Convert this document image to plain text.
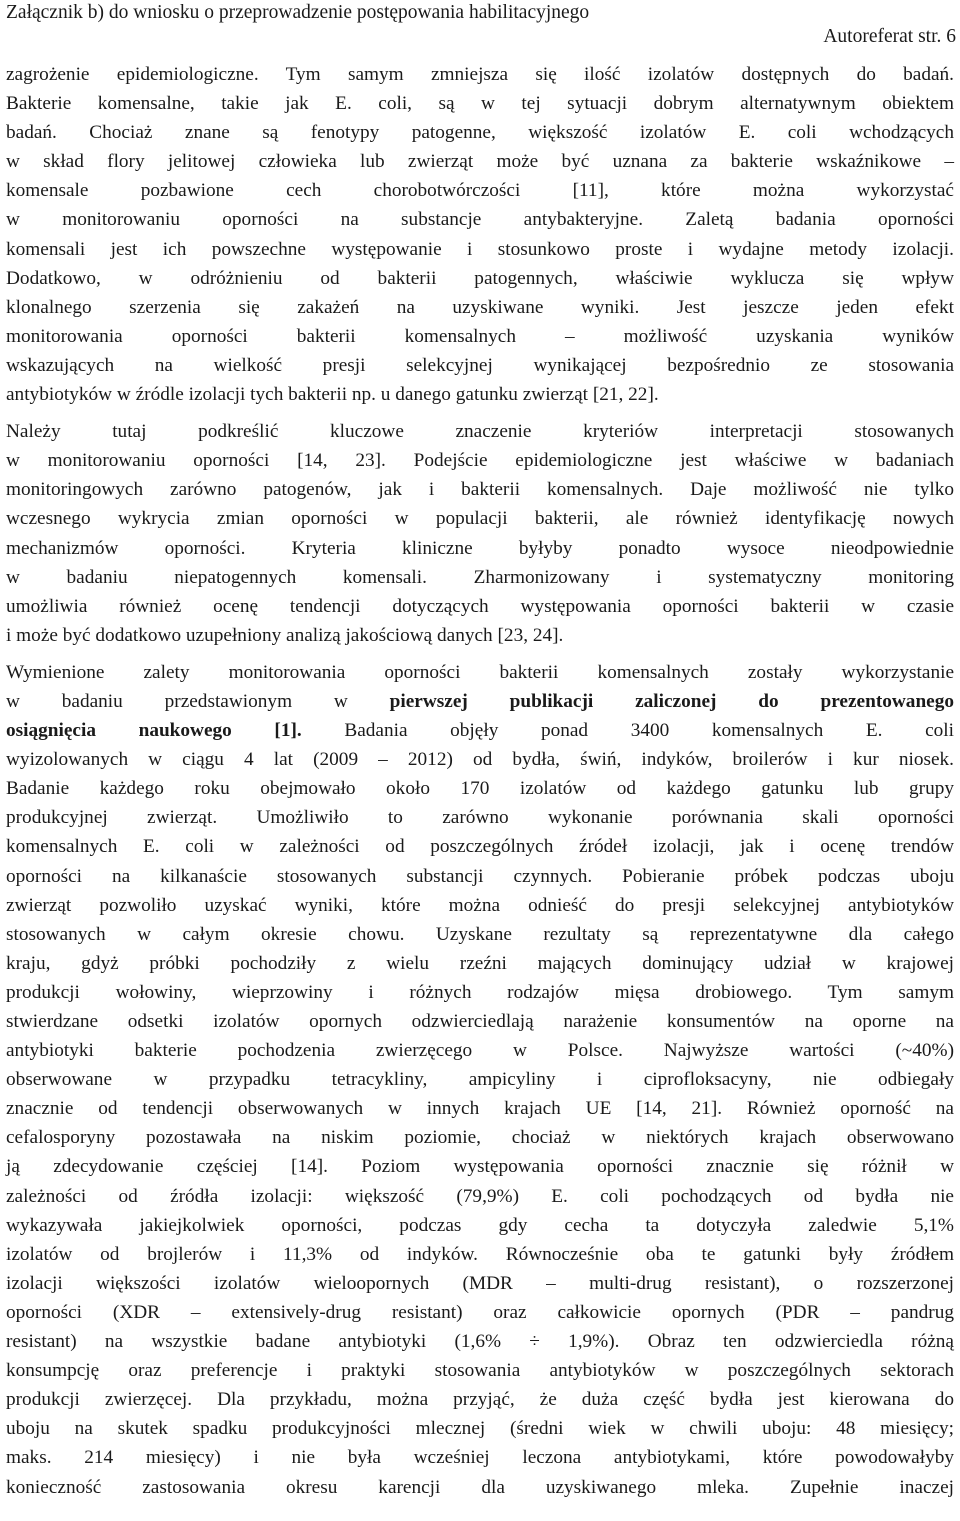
Załącznik b) do wniosku o przeprowadzenie postępowania habilitacyjnego
Autoreferat str. 6

zagrożenie epidemiologiczne. Tym samym zmniejsza się ilość izolatów dostępnych do badań.

Bakterie komensalne, takie jak E. coli, są w tej sytuacji dobrym alternatywnym obiektem

badań. Chociaż znane są fenotypy patogenne, większość izolatów E. coli wchodzących

w skład flory jelitowej człowieka lub zwierząt może być uznana za bakterie wskaźnikowe –

komensale pozbawione cech chorobotwórczości [11], które można wykorzystać

w monitorowaniu oporności na substancje antybakteryjne. Zaletą badania oporności

komensali jest ich powszechne występowanie i stosunkowo proste i wydajne metody izolacji.

Dodatkowo, w odróżnieniu od bakterii patogennych, właściwie wyklucza się wpływ

klonalnego szerzenia się zakażeń na uzyskiwane wyniki. Jest jeszcze jeden efekt

monitorowania oporności bakterii komensalnych – możliwość uzyskania wyników

wskazujących na wielkość presji selekcyjnej wynikającej bezpośrednio ze stosowania

antybiotyków w źródle izolacji tych bakterii np. u danego gatunku zwierząt [21, 22].

Należy tutaj podkreślić kluczowe znaczenie kryteriów interpretacji stosowanych

w monitorowaniu oporności [14, 23]. Podejście epidemiologiczne jest właściwe w badaniach

monitoringowych zarówno patogenów, jak i bakterii komensalnych. Daje możliwość nie tylko

wczesnego wykrycia zmian oporności w populacji bakterii, ale również identyfikację nowych

mechanizmów oporności. Kryteria kliniczne byłyby ponadto wysoce nieodpowiednie

w badaniu niepatogennych komensali. Zharmonizowany i systematyczny monitoring

umożliwia również ocenę tendencji dotyczących występowania oporności bakterii w czasie

i może być dodatkowo uzupełniony analizą jakościową danych [23, 24].

Wymienione zalety monitorowania oporności bakterii komensalnych zostały wykorzystanie

w badaniu przedstawionym w pierwszej publikacji zaliczonej do prezentowanego

osiągnięcia naukowego [1]. Badania objęły ponad 3400 komensalnych E. coli

wyizolowanych w ciągu 4 lat (2009 – 2012) od bydła, świń, indyków, broilerów i kur niosek.

Badanie każdego roku obejmowało około 170 izolatów od każdego gatunku lub grupy

produkcyjnej zwierząt. Umożliwiło to zarówno wykonanie porównania skali oporności

komensalnych E. coli w zależności od poszczególnych źródeł izolacji, jak i ocenę trendów

oporności na kilkanaście stosowanych substancji czynnych. Pobieranie próbek podczas uboju

zwierząt pozwoliło uzyskać wyniki, które można odnieść do presji selekcyjnej antybiotyków

stosowanych w całym okresie chowu. Uzyskane rezultaty są reprezentatywne dla całego

kraju, gdyż próbki pochodziły z wielu rzeźni mających dominujący udział w krajowej

produkcji wołowiny, wieprzowiny i różnych rodzajów mięsa drobiowego. Tym samym

stwierdzane odsetki izolatów opornych odzwierciedlają narażenie konsumentów na oporne na

antybiotyki bakterie pochodzenia zwierzęcego w Polsce. Najwyższe wartości (~40%)

obserwowane w przypadku tetracykliny, ampicyliny i ciprofloksacyny, nie odbiegały

znacznie od tendencji obserwowanych w innych krajach UE [14, 21]. Również oporność na

cefalosporyny pozostawała na niskim poziomie, chociaż w niektórych krajach obserwowano

ją zdecydowanie częściej [14]. Poziom występowania oporności znacznie się różnił w

zależności od źródła izolacji: większość (79,9%) E. coli pochodzących od bydła nie

wykazywała jakiejkolwiek oporności, podczas gdy cecha ta dotyczyła zaledwie 5,1%

izolatów od brojlerów i 11,3% od indyków. Równocześnie oba te gatunki były źródłem

izolacji większości izolatów wieloopornych (MDR – multi-drug resistant), o rozszerzonej

oporności (XDR – extensively-drug resistant) oraz całkowicie opornych (PDR – pandrug

resistant) na wszystkie badane antybiotyki (1,6% ÷ 1,9%). Obraz ten odzwierciedla różną

konsumpcję oraz preferencje i praktyki stosowania antybiotyków w poszczególnych sektorach

produkcji zwierzęcej. Dla przykładu, można przyjąć, że duża część bydła jest kierowana do

uboju na skutek spadku produkcyjności mlecznej (średni wiek w chwili uboju: 48 miesięcy;

maks. 214 miesięcy) i nie była wcześniej leczona antybiotykami, które powodowałyby

konieczność zastosowania okresu karencji dla uzyskiwanego mleka. Zupełnie inaczej
